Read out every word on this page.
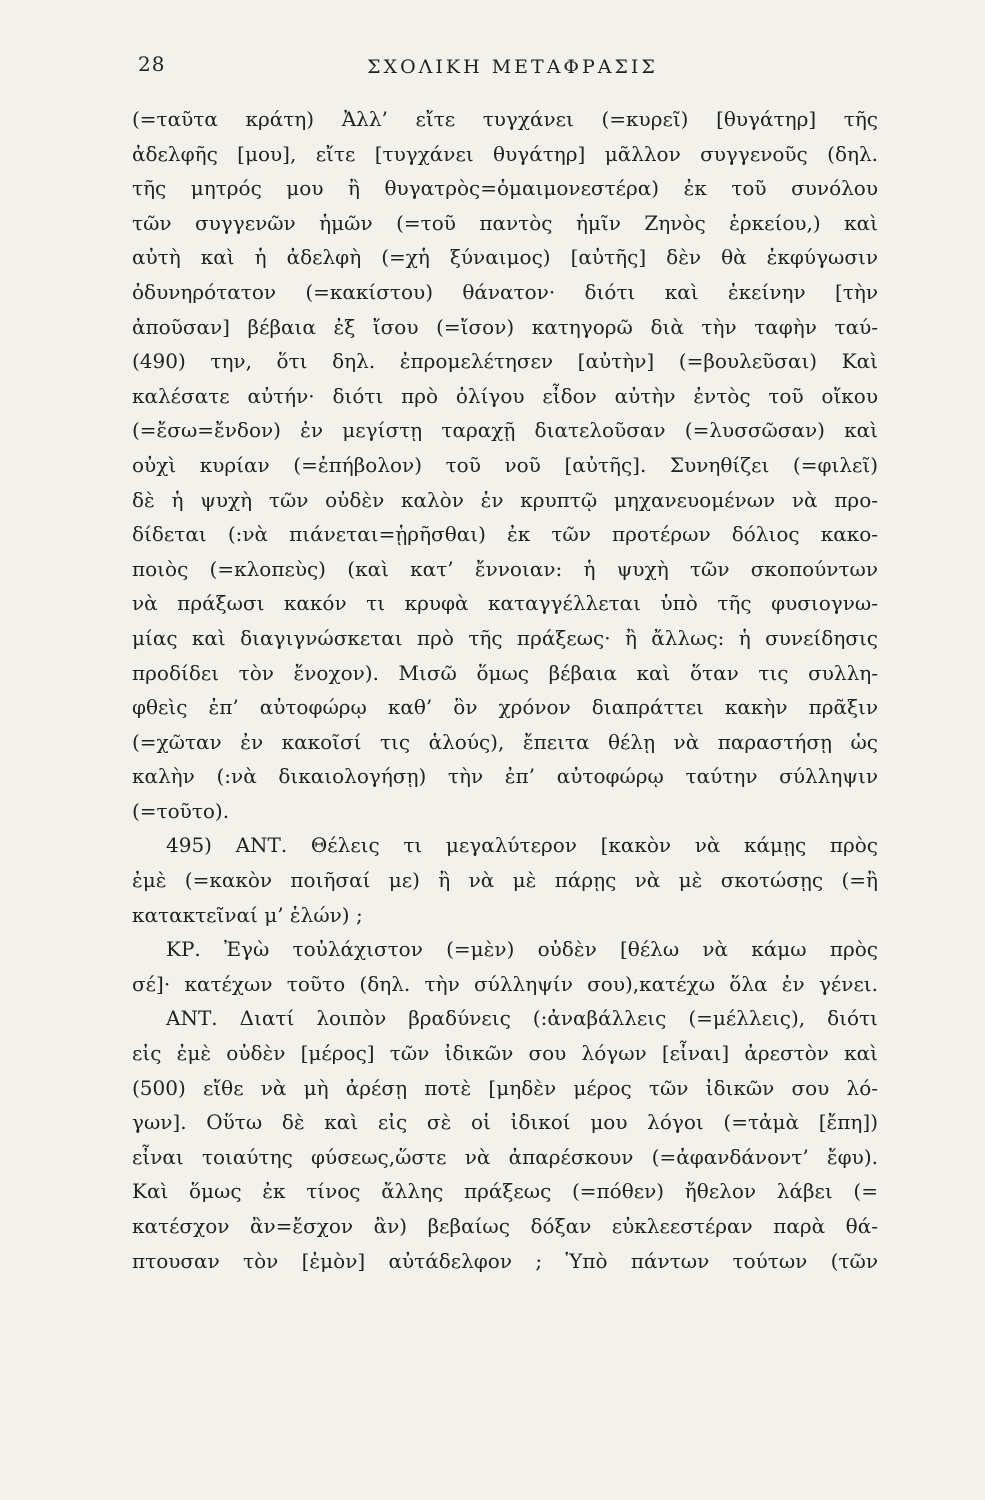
28	ΣΧΟΛΙΚΗ ΜΕΤΑΦΡΑΣΙΣ
(=ταῦτα κράτη) Ἀλλ’ εἴτε τυγχάνει (=κυρεῖ) [θυγάτηρ] τῆς
ἀδελφῆς [μου], εἴτε [τυγχάνει θυγάτηρ] μᾶλλον συγγενοῦς (δηλ.
τῆς μητρός μου ἢ θυγατρὸς=ὁμαιμονεστέρα) ἐκ τοῦ συνόλου
τῶν συγγενῶν ἡμῶν (=τοῦ παντὸς ἡμῖν Ζηνὸς ἑρκείου,) καὶ
αὐτὴ καὶ ἡ ἀδελφὴ (=χἡ ξύναιμος) [αὐτῆς] δὲν θὰ ἐκφύγωσιν
ὀδυνηρότατον (=κακίστου) θάνατον· διότι καὶ ἐκείνην [τὴν
ἀποῦσαν] βέβαια ἐξ ἴσου (=ἴσον) κατηγορῶ διὰ τὴν ταφὴν ταύ-
(490) την, ὅτι δηλ. ἐπρομελέτησεν [αὐτὴν] (=βουλεῦσαι) Καὶ
καλέσατε αὐτήν· διότι πρὸ ὀλίγου εἶδον αὐτὴν ἐντὸς τοῦ οἴκου
(=ἔσω=ἔνδον) ἐν μεγίστῃ ταραχῇ διατελοῦσαν (=λυσσῶσαν) καὶ
οὐχὶ κυρίαν (=ἐπήβολον) τοῦ νοῦ [αὐτῆς]. Συνηθίζει (=φιλεῖ)
δὲ ἡ ψυχὴ τῶν οὐδὲν καλὸν ἐν κρυπτῷ μηχανευομένων νὰ προ-
δίδεται (:νὰ πιάνεται=ᾑρῆσθαι) ἐκ τῶν προτέρων δόλιος κακο-
ποιὸς (=κλοπεὺς) (καὶ κατ’ ἔννοιαν: ἡ ψυχὴ τῶν σκοπούντων
νὰ πράξωσι κακόν τι κρυφὰ καταγγέλλεται ὑπὸ τῆς φυσιογνω-
μίας καὶ διαγιγνώσκεται πρὸ τῆς πράξεως· ἢ ἄλλως: ἡ συνείδησις
προδίδει τὸν ἔνοχον). Μισῶ ὅμως βέβαια καὶ ὅταν τις συλλη-
φθεὶς ἐπ’ αὐτοφώρῳ καθ’ ὃν χρόνον διαπράττει κακὴν πρᾶξιν
(=χῶταν ἐν κακοῖσί τις ἁλούς), ἔπειτα θέλῃ νὰ παραστήσῃ ὡς
καλὴν (:νὰ δικαιολογήσῃ) τὴν ἐπ’ αὐτοφώρῳ ταύτην σύλληψιν
(=τοῦτο).
495) ΑΝΤ. Θέλεις τι μεγαλύτερον [κακὸν νὰ κάμῃς πρὸς
ἐμὲ (=κακὸν ποιῆσαί με) ἢ νὰ μὲ πάρῃς νὰ μὲ σκοτώσῃς (=ἢ
κατακτεῖναί μ’ ἑλών) ;
ΚΡ. Ἐγὼ τοὐλάχιστον (=μὲν) οὐδὲν [θέλω νὰ κάμω πρὸς
σέ]· κατέχων τοῦτο (δηλ. τὴν σύλληψίν σου),κατέχω ὅλα ἐν γένει.
ΑΝΤ. Διατί λοιπὸν βραδύνεις (:ἀναβάλλεις (=μέλλεις), διότι
εἰς ἐμὲ οὐδὲν [μέρος] τῶν ἰδικῶν σου λόγων [εἶναι] ἀρεστὸν καὶ
(500) εἴθε νὰ μὴ ἀρέσῃ ποτὲ [μηδὲν μέρος τῶν ἰδικῶν σου λό-
γων]. Οὕτω δὲ καὶ εἰς σὲ οἱ ἰδικοί μου λόγοι (=τἀμὰ [ἔπη])
εἶναι τοιαύτης φύσεως,ὥστε νὰ ἀπαρέσκουν (=ἀφανδάνοντ’ ἔφυ).
Καὶ ὅμως ἐκ τίνος ἄλλης πράξεως (=πόθεν) ἤθελον λάβει (=
κατέσχον ἂν=ἔσχον ἂν) βεβαίως δόξαν εὐκλεεστέραν παρὰ θά-
πτουσαν τὸν [ἐμὸν] αὐτάδελφον ; Ὑπὸ πάντων τούτων (τῶν
